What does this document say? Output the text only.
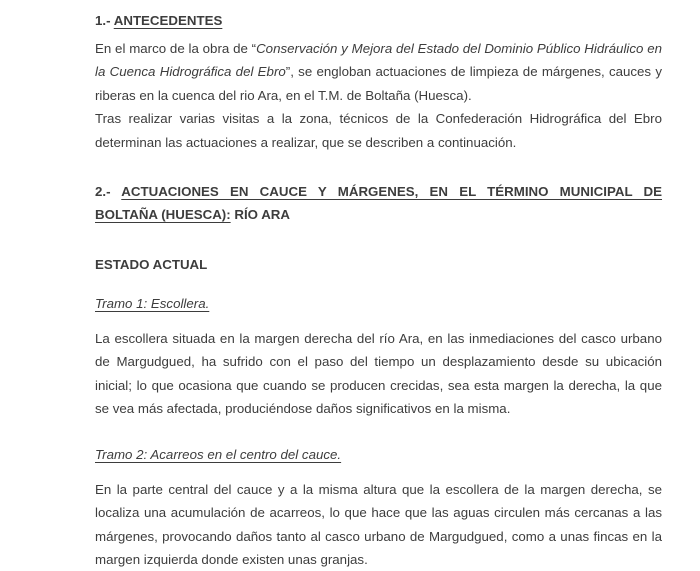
1.- ANTECEDENTES

En el marco de la obra de “Conservación y Mejora del Estado del Dominio Público Hidráulico en la Cuenca Hidrográfica del Ebro”, se engloban actuaciones de limpieza de márgenes, cauces y riberas en la cuenca del rio Ara, en el T.M. de Boltaña (Huesca).

Tras realizar varias visitas a la zona, técnicos de la Confederación Hidrográfica del Ebro determinan las actuaciones a realizar, que se describen a continuación.

2.- ACTUACIONES EN CAUCE Y MÁRGENES, EN EL TÉRMINO MUNICIPAL DE
BOLTAÑA (HUESCA): RÍO ARA
ESTADO ACTUAL
Tramo 1: Escollera.

La escollera situada en la margen derecha del río Ara, en las inmediaciones del casco urbano de Margudgued, ha sufrido con el paso del tiempo un desplazamiento desde su ubicación inicial; lo que ocasiona que cuando se producen crecidas, sea esta margen la derecha, la que se vea más afectada, produciéndose daños significativos en la misma.

Tramo 2: Acarreos en el centro del cauce.

En la parte central del cauce y a la misma altura que la escollera de la margen derecha, se localiza una acumulación de acarreos, lo que hace que las aguas circulen más cercanas a las márgenes, provocando daños tanto al casco urbano de Margudgued, como a unas fincas en la margen izquierda donde existen unas granjas.
